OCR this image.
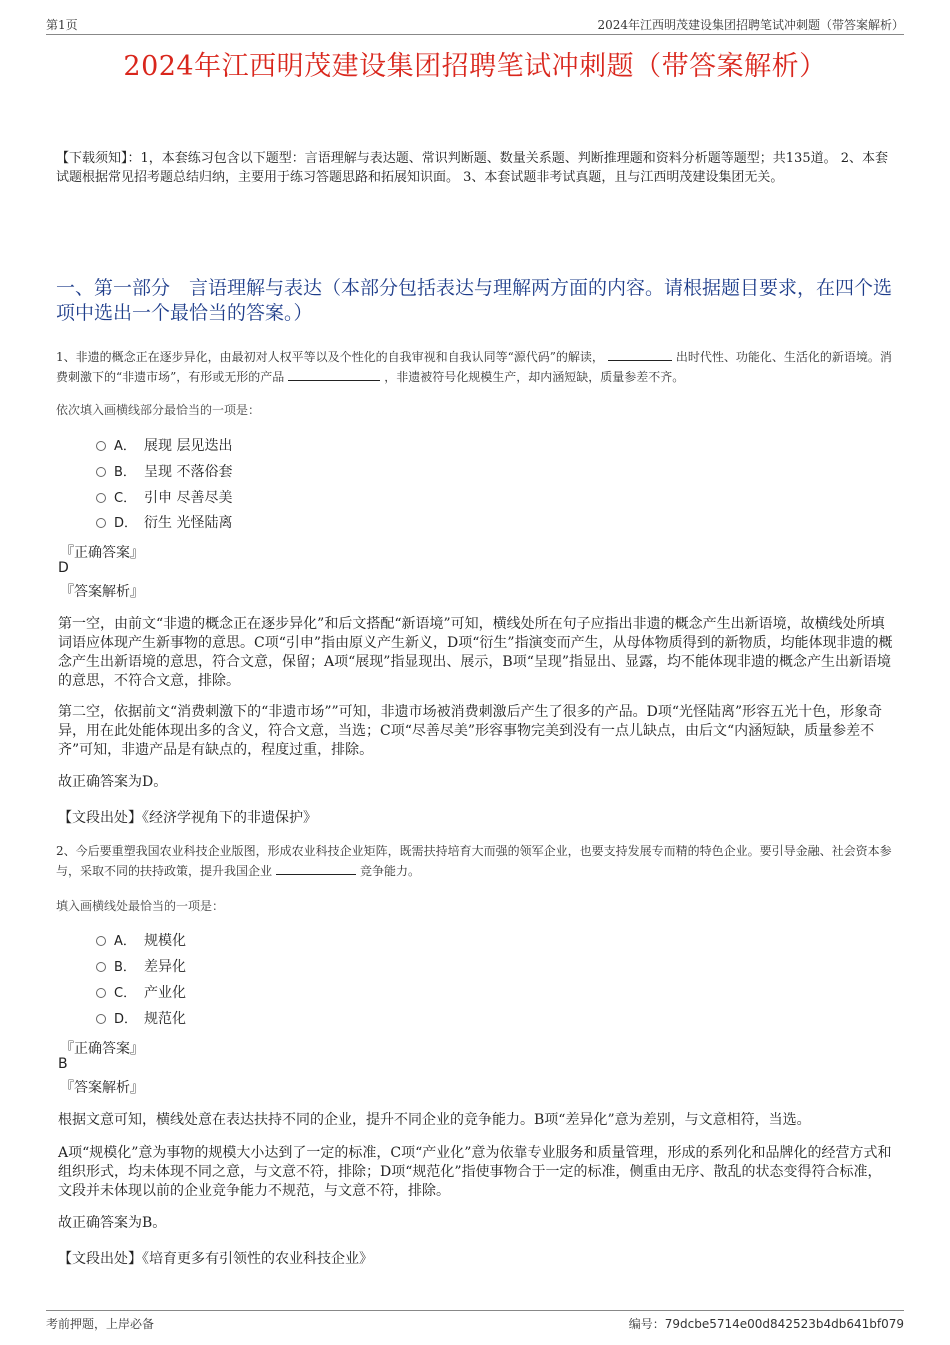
第1页	2024年江西明茂建设集团招聘笔试冲刺题（带答案解析）
2024年江西明茂建设集团招聘笔试冲刺题（带答案解析）
【下载须知】：1，本套练习包含以下题型：言语理解与表达题、常识判断题、数量关系题、判断推理题和资料分析题等题型；共135道。 2、本套试题根据常见招考题总结归纳，主要用于练习答题思路和拓展知识面。 3、本套试题非考试真题，且与江西明茂建设集团无关。
一、第一部分　言语理解与表达（本部分包括表达与理解两方面的内容。请根据题目要求，在四个选项中选出一个最恰当的答案。）
1、非遗的概念正在逐步异化，由最初对人权平等以及个性化的自我审视和自我认同等“源代码”的解读，	出时代性、功能化、生活化的新语境。消费刺激下的“非遗市场”，有形或无形的产品	，非遗被符号化规模生产，却内涵短缺，质量参差不齐。
依次填入画横线部分最恰当的一项是：
A． 展现 层见迭出
B． 呈现 不落俗套
C． 引申 尽善尽美
D． 衍生 光怪陆离
『正确答案』
D
『答案解析』
第一空，由前文“非遗的概念正在逐步异化”和后文搭配“新语境”可知，横线处所在句子应指出非遗的概念产生出新语境，故横线处所填词语应体现产生新事物的意思。C项“引申”指由原义产生新义，D项“衍生”指演变而产生，从母体物质得到的新物质，均能体现非遗的概念产生出新语境的意思，符合文意，保留；A项“展现”指显现出、展示，B项“呈现”指显出、显露，均不能体现非遗的概念产生出新语境的意思，不符合文意，排除。
第二空，依据前文“消费刺激下的“非遗市场””可知，非遗市场被消费刺激后产生了很多的产品。D项“光怪陆离”形容五光十色，形象奇异，用在此处能体现出多的含义，符合文意，当选；C项“尽善尽美”形容事物完美到没有一点儿缺点，由后文“内涵短缺，质量参差不齐”可知，非遗产品是有缺点的，程度过重，排除。
故正确答案为D。
【文段出处】《经济学视角下的非遗保护》
2、今后要重塑我国农业科技企业版图，形成农业科技企业矩阵，既需扶持培育大而强的领军企业，也要支持发展专而精的特色企业。要引导金融、社会资本参与，采取不同的扶持政策，提升我国企业	竞争能力。
填入画横线处最恰当的一项是：
A． 规模化
B． 差异化
C． 产业化
D． 规范化
『正确答案』
B
『答案解析』
根据文意可知，横线处意在表达扶持不同的企业，提升不同企业的竞争能力。B项“差异化”意为差别，与文意相符，当选。
A项“规模化”意为事物的规模大小达到了一定的标准，C项“产业化”意为依靠专业服务和质量管理，形成的系列化和品牌化的经营方式和组织形式，均未体现不同之意，与文意不符，排除；D项“规范化”指使事物合于一定的标准，侧重由无序、散乱的状态变得符合标准，文段并未体现以前的企业竞争能力不规范，与文意不符，排除。
故正确答案为B。
【文段出处】《培育更多有引领性的农业科技企业》
考前押题，上岸必备	编号：79dcbe5714e00d842523b4db641bf079
